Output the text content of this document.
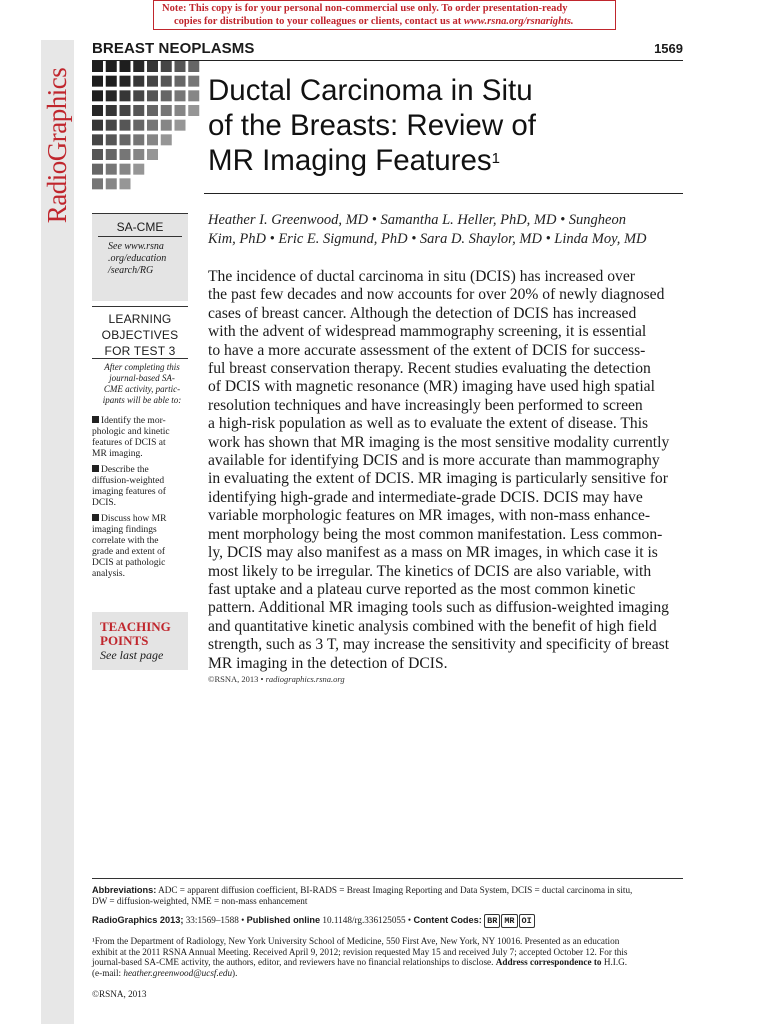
Note: This copy is for your personal non-commercial use only. To order presentation-ready
copies for distribution to your colleagues or clients, contact us at www.rsna.org/rsnarights.
RadioGraphics
BREAST NEOPLASMS	1569
Ductal Carcinoma in Situ
of the Breasts: Review of
MR Imaging Features$^1$
SA-CME
See www.rsna
.org/education
/search/RG
LEARNING
OBJECTIVES
FOR TEST 3
After completing this
journal-based SA-
CME activity, partic-
ipants will be able to:
Identify the mor-
phologic and kinetic
features of DCIS at
MR imaging.
Describe the
diffusion-weighted
imaging features of
DCIS.
Discuss how MR
imaging findings
correlate with the
grade and extent of
DCIS at pathologic
analysis.
TEACHING
POINTS
See last page
Heather I. Greenwood, MD • Samantha L. Heller, PhD, MD • Sungheon
Kim, PhD • Eric E. Sigmund, PhD • Sara D. Shaylor, MD • Linda Moy, MD
The incidence of ductal carcinoma in situ (DCIS) has increased over
the past few decades and now accounts for over 20% of newly diagnosed
cases of breast cancer. Although the detection of DCIS has increased
with the advent of widespread mammography screening, it is essential
to have a more accurate assessment of the extent of DCIS for success-
ful breast conservation therapy. Recent studies evaluating the detection
of DCIS with magnetic resonance (MR) imaging have used high spatial
resolution techniques and have increasingly been performed to screen
a high-risk population as well as to evaluate the extent of disease. This
work has shown that MR imaging is the most sensitive modality currently
available for identifying DCIS and is more accurate than mammography
in evaluating the extent of DCIS. MR imaging is particularly sensitive for
identifying high-grade and intermediate-grade DCIS. DCIS may have
variable morphologic features on MR images, with non-mass enhance-
ment morphology being the most common manifestation. Less common-
ly, DCIS may also manifest as a mass on MR images, in which case it is
most likely to be irregular. The kinetics of DCIS are also variable, with
fast uptake and a plateau curve reported as the most common kinetic
pattern. Additional MR imaging tools such as diffusion-weighted imaging
and quantitative kinetic analysis combined with the benefit of high field
strength, such as 3 T, may increase the sensitivity and specificity of breast
MR imaging in the detection of DCIS.
©RSNA, 2013 • radiographics.rsna.org
Abbreviations: ADC = apparent diffusion coefficient, BI-RADS = Breast Imaging Reporting and Data System, DCIS = ductal carcinoma in situ,
DW = diffusion-weighted, NME = non-mass enhancement
RadioGraphics 2013; 33:1569–1588 • Published online 10.1148/rg.336125055 • Content Codes: BR MR OI
¹From the Department of Radiology, New York University School of Medicine, 550 First Ave, New York, NY 10016. Presented as an education
exhibit at the 2011 RSNA Annual Meeting. Received April 9, 2012; revision requested May 15 and received July 7; accepted October 12. For this
journal-based SA-CME activity, the authors, editor, and reviewers have no financial relationships to disclose. Address correspondence to H.I.G.
(e-mail: heather.greenwood@ucsf.edu).
©RSNA, 2013
